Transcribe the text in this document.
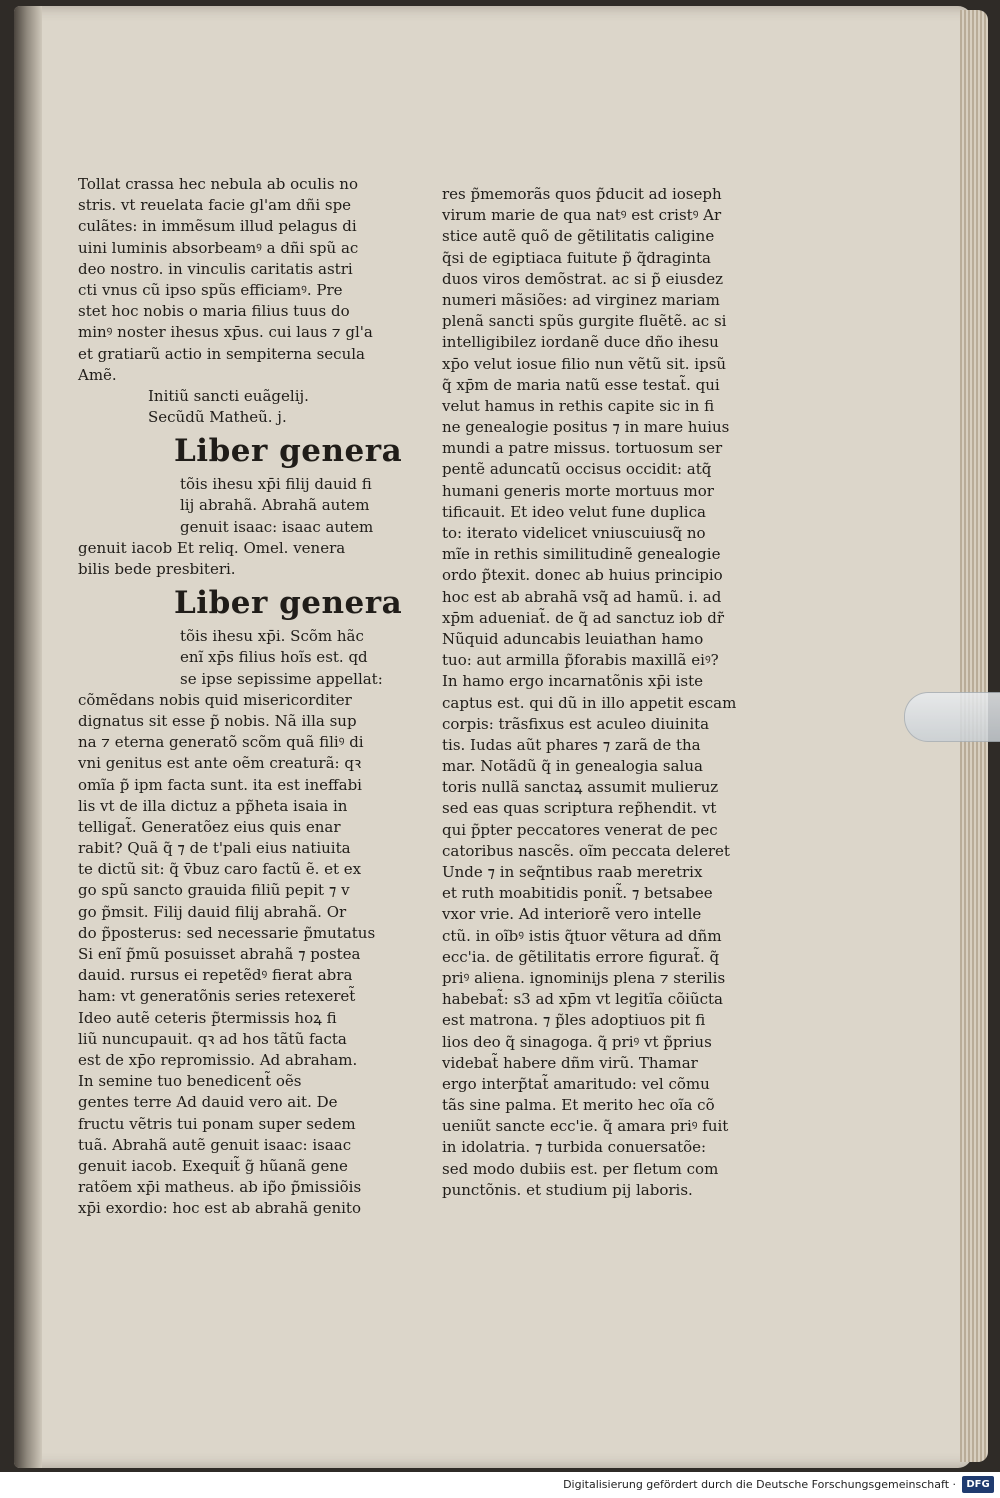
Tollat crassa hec nebula ab oculis no
stris. vt reuelata facie gl'am dñi spe
culãtes: in immẽsum illud pelagus di
uini luminis absorbeamꝰ a dñi spũ ac
deo nostro. in vinculis caritatis astri
cti vnus cũ ipso spũs efficiamꝰ. Pre
stet hoc nobis o maria filius tuus do
minꝰ noster ihesus xp̄us. cui laus ⁊ gl'a
et gratiarũ actio in sempiterna secula
Amẽ.
Initiũ sancti euãgelij.
Secũdũ Matheũ. j.
Liber genera
tõis ihesu xp̄i filij dauid fi
lij abrahã. Abrahã autem
genuit isaac: isaac autem
genuit iacob Et reliq. Omel. venera
bilis bede presbiteri.
Liber genera
tõis ihesu xp̄i. Scõm hãc
enĩ xp̄s filius hoĩs est. qd
se ipse sepissime appellat:
cõmẽdans nobis quid misericorditer
dignatus sit esse p̃ nobis. Nã illa sup
na ⁊ eterna generatõ scõm quã filiꝰ di
vni genitus est ante oẽm creaturã: qꝛ
omĩa p̃ ipm facta sunt. ita est ineffabi
lis vt de illa dictuz a pp̃heta isaia in
telligat̃. Generatõez eius quis enar
rabit? Quã q̃ ⁊ de t'pali eius natiuita
te dictũ sit: q̃ v̄buz caro factũ ẽ. et ex
go spũ sancto grauida filiũ pepit ⁊ v
go p̃msit. Filij dauid filij abrahã. Or
do p̃posterus: sed necessarie p̃mutatus
Si enĩ p̃mũ posuisset abrahã ⁊ postea
dauid. rursus ei repetẽdꝰ fierat abra
ham: vt generatõnis series retexeret̃
Ideo autẽ ceteris p̃termissis hoꝝ fi
liũ nuncupauit. qꝛ ad hos tãtũ facta
est de xp̄o repromissio. Ad abraham.
In semine tuo benedicent̃ oẽs
gentes terre Ad dauid vero ait. De
fructu vẽtris tui ponam super sedem
tuã. Abrahã autẽ genuit isaac: isaac
genuit iacob. Exequit̃ g̃ hũanã gene
ratõem xp̄i matheus. ab ip̃o p̃missiõis
xp̄i exordio: hoc est ab abrahã genito
res p̃memorãs quos p̃ducit ad ioseph
virum marie de qua natꝰ est cristꝰ Ar
stice autẽ quõ de gẽtilitatis caligine
q̃si de egiptiaca fuitute p̃ q̃draginta
duos viros demõstrat. ac si p̃ eiusdez
numeri mãsiões: ad virginez mariam
plenã sancti spũs gurgite fluẽtẽ. ac si
intelligibilez iordanẽ duce dño ihesu
xp̄o velut iosue filio nun vẽtũ sit. ipsũ
q̃ xp̄m de maria natũ esse testat̃. qui
velut hamus in rethis capite sic in fi
ne genealogie positus ⁊ in mare huius
mundi a patre missus. tortuosum ser
pentẽ aduncatũ occisus occidit: atq̃
humani generis morte mortuus mor
tificauit. Et ideo velut fune duplica
to: iterato videlicet vniuscuiusq̃ no
mĩe in rethis similitudinẽ genealogie
ordo p̃texit. donec ab huius principio
hoc est ab abrahã vsq̃ ad hamũ. i. ad
xp̄m adueniat̃. de q̃ ad sanctuz iob dr̃
Nũquid aduncabis leuiathan hamo
tuo: aut armilla p̃forabis maxillã eiꝰ?
In hamo ergo incarnatõnis xp̄i iste
captus est. qui dũ in illo appetit escam
corpis: trãsfixus est aculeo diuinita
tis. Iudas aũt phares ⁊ zarã de tha
mar. Notãdũ q̃ in genealogia salua
toris nullã sanctaꝝ assumit mulieruz
sed eas quas scriptura rep̃hendit. vt
qui p̃pter peccatores venerat de pec
catoribus nascẽs. oĩm peccata deleret
Unde ⁊ in seq̃ntibus raab meretrix
et ruth moabitidis ponit̃. ⁊ betsabee
vxor vrie. Ad interiorẽ vero intelle
ctũ. in oĩbꝰ istis q̃tuor vẽtura ad dñm
ecc'ia. de gẽtilitatis errore figurat̃. q̃
priꝰ aliena. ignominijs plena ⁊ sterilis
habebat̃: s3 ad xp̄m vt legitĩa cõiũcta
est matrona. ⁊ p̃les adoptiuos pit fi
lios deo q̃ sinagoga. q̃ priꝰ vt p̃prius
videbat̃ habere dñm virũ. Thamar
ergo interp̃tat̃ amaritudo: vel cõmu
tãs sine palma. Et merito hec oĩa cõ
ueniũt sancte ecc'ie. q̃ amara priꝰ fuit
in idolatria. ⁊ turbida conuersatõe:
sed modo dubiis est. per fletum com
punctõnis. et studium pij laboris.
Digitalisierung gefördert durch die Deutsche Forschungsgemeinschaft ·	DFG
